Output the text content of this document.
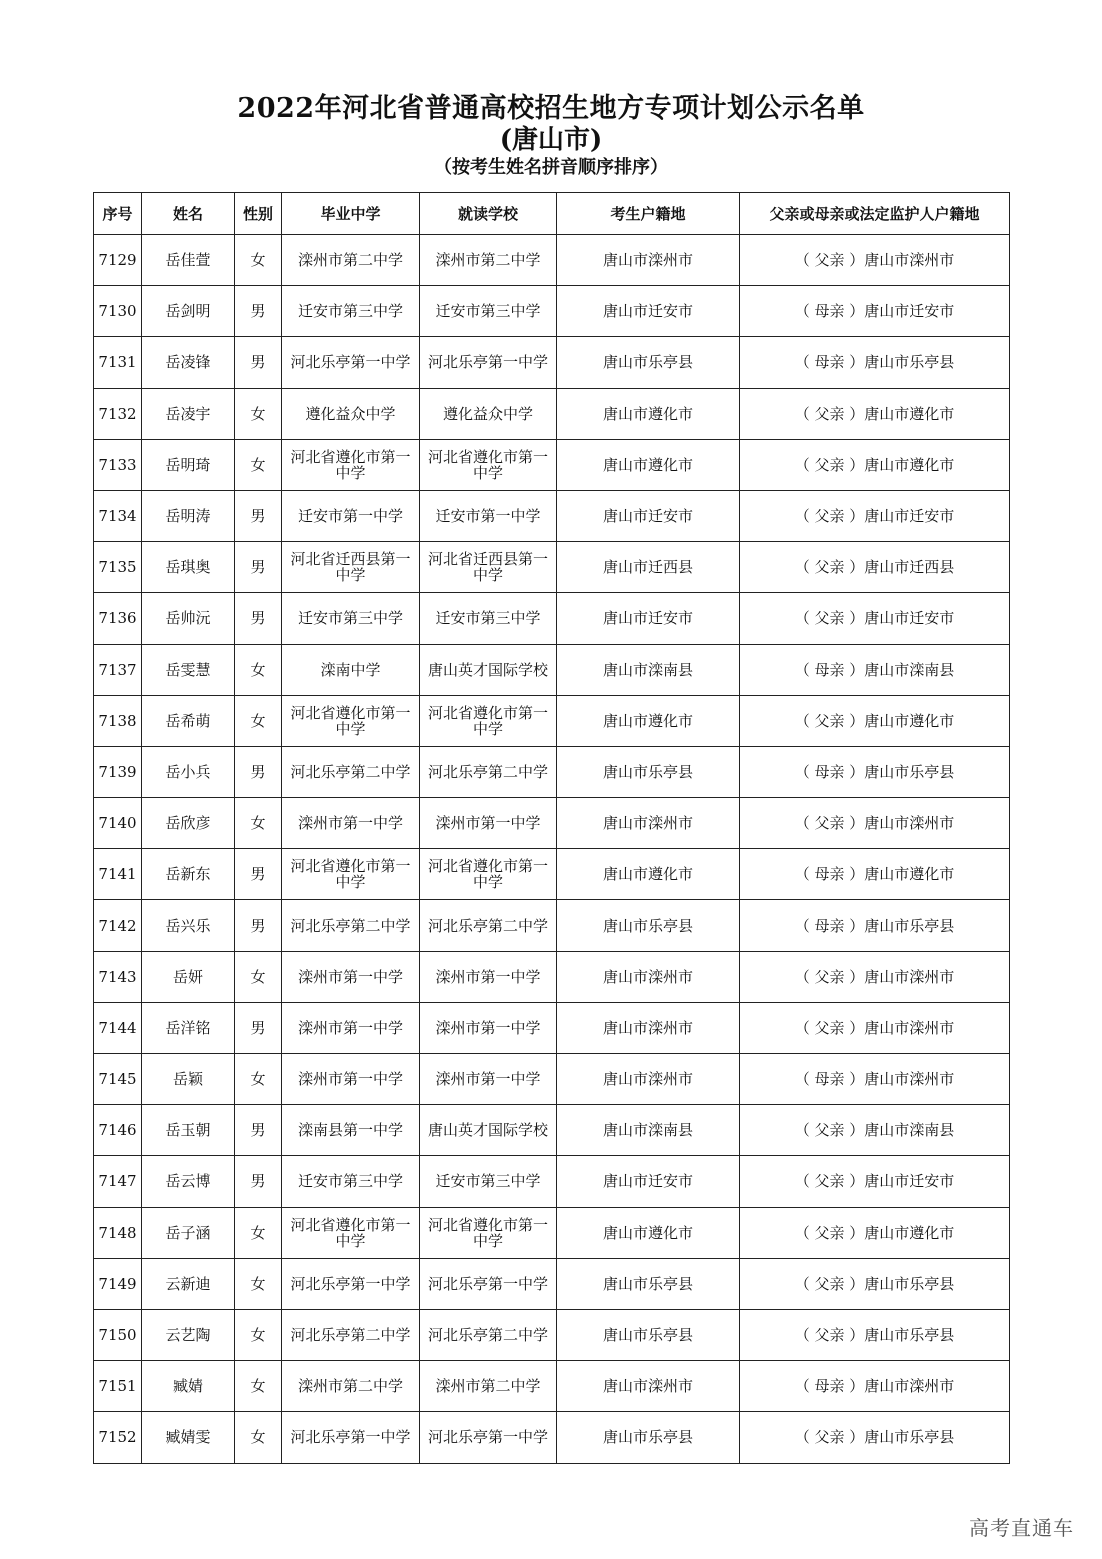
2022年河北省普通高校招生地方专项计划公示名单
(唐山市)
（按考生姓名拼音顺序排序）
序号	姓名	性别	毕业中学	就读学校	考生户籍地	父亲或母亲或法定监护人户籍地
7129	岳佳萱	女	滦州市第二中学	滦州市第二中学	唐山市滦州市	（ 父亲 ）唐山市滦州市
7130	岳剑明	男	迁安市第三中学	迁安市第三中学	唐山市迁安市	（ 母亲 ）唐山市迁安市
7131	岳凌锋	男	河北乐亭第一中学	河北乐亭第一中学	唐山市乐亭县	（ 母亲 ）唐山市乐亭县
7132	岳凌宇	女	遵化益众中学	遵化益众中学	唐山市遵化市	（ 父亲 ）唐山市遵化市
7133	岳明琦	女	河北省遵化市第一中学	河北省遵化市第一中学	唐山市遵化市	（ 父亲 ）唐山市遵化市
7134	岳明涛	男	迁安市第一中学	迁安市第一中学	唐山市迁安市	（ 父亲 ）唐山市迁安市
7135	岳琪奥	男	河北省迁西县第一中学	河北省迁西县第一中学	唐山市迁西县	（ 父亲 ）唐山市迁西县
7136	岳帅沅	男	迁安市第三中学	迁安市第三中学	唐山市迁安市	（ 父亲 ）唐山市迁安市
7137	岳雯慧	女	滦南中学	唐山英才国际学校	唐山市滦南县	（ 母亲 ）唐山市滦南县
7138	岳希萌	女	河北省遵化市第一中学	河北省遵化市第一中学	唐山市遵化市	（ 父亲 ）唐山市遵化市
7139	岳小兵	男	河北乐亭第二中学	河北乐亭第二中学	唐山市乐亭县	（ 母亲 ）唐山市乐亭县
7140	岳欣彦	女	滦州市第一中学	滦州市第一中学	唐山市滦州市	（ 父亲 ）唐山市滦州市
7141	岳新东	男	河北省遵化市第一中学	河北省遵化市第一中学	唐山市遵化市	（ 母亲 ）唐山市遵化市
7142	岳兴乐	男	河北乐亭第二中学	河北乐亭第二中学	唐山市乐亭县	（ 母亲 ）唐山市乐亭县
7143	岳妍	女	滦州市第一中学	滦州市第一中学	唐山市滦州市	（ 父亲 ）唐山市滦州市
7144	岳洋铭	男	滦州市第一中学	滦州市第一中学	唐山市滦州市	（ 父亲 ）唐山市滦州市
7145	岳颖	女	滦州市第一中学	滦州市第一中学	唐山市滦州市	（ 母亲 ）唐山市滦州市
7146	岳玉朝	男	滦南县第一中学	唐山英才国际学校	唐山市滦南县	（ 父亲 ）唐山市滦南县
7147	岳云博	男	迁安市第三中学	迁安市第三中学	唐山市迁安市	（ 父亲 ）唐山市迁安市
7148	岳子涵	女	河北省遵化市第一中学	河北省遵化市第一中学	唐山市遵化市	（ 父亲 ）唐山市遵化市
7149	云新迪	女	河北乐亭第一中学	河北乐亭第一中学	唐山市乐亭县	（ 父亲 ）唐山市乐亭县
7150	云艺陶	女	河北乐亭第二中学	河北乐亭第二中学	唐山市乐亭县	（ 父亲 ）唐山市乐亭县
7151	臧婧	女	滦州市第二中学	滦州市第二中学	唐山市滦州市	（ 母亲 ）唐山市滦州市
7152	臧婧雯	女	河北乐亭第一中学	河北乐亭第一中学	唐山市乐亭县	（ 父亲 ）唐山市乐亭县
高考直通车
